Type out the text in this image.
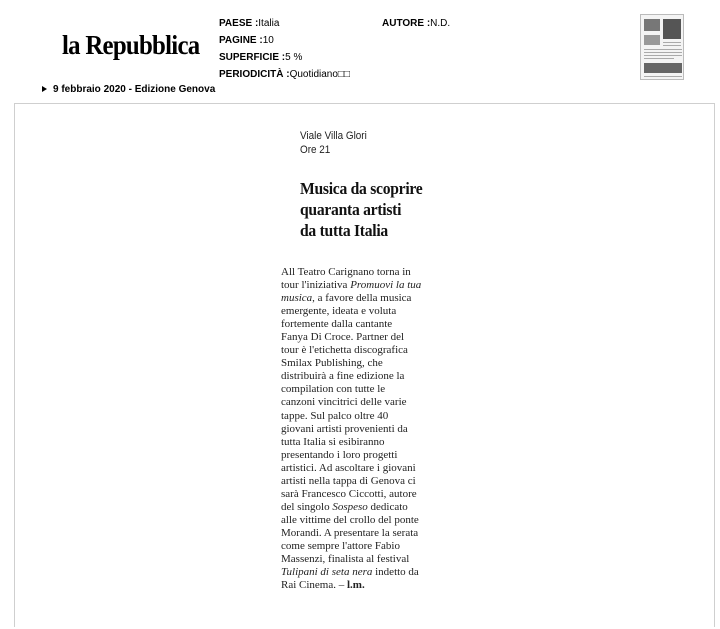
la Repubblica
PAESE :Italia
PAGINE :10
SUPERFICIE :5 %
PERIODICITÀ :Quotidiano□□
AUTORE :N.D.
9 febbraio 2020 - Edizione Genova
Viale Villa Glori
Ore 21
Musica da scoprire
quaranta artisti
da tutta Italia
All Teatro Carignano torna in
tour l'iniziativa Promuovi la tua
musica, a favore della musica
emergente, ideata e voluta
fortemente dalla cantante
Fanya Di Croce. Partner del
tour è l'etichetta discografica
Smilax Publishing, che
distribuirà a fine edizione la
compilation con tutte le
canzoni vincitrici delle varie
tappe. Sul palco oltre 40
giovani artisti provenienti da
tutta Italia si esibiranno
presentando i loro progetti
artistici. Ad ascoltare i giovani
artisti nella tappa di Genova ci
sarà Francesco Ciccotti, autore
del singolo Sospeso dedicato
alle vittime del crollo del ponte
Morandi. A presentare la serata
come sempre l'attore Fabio
Massenzi, finalista al festival
Tulipani di seta nera indetto da
Rai Cinema. – l.m.
